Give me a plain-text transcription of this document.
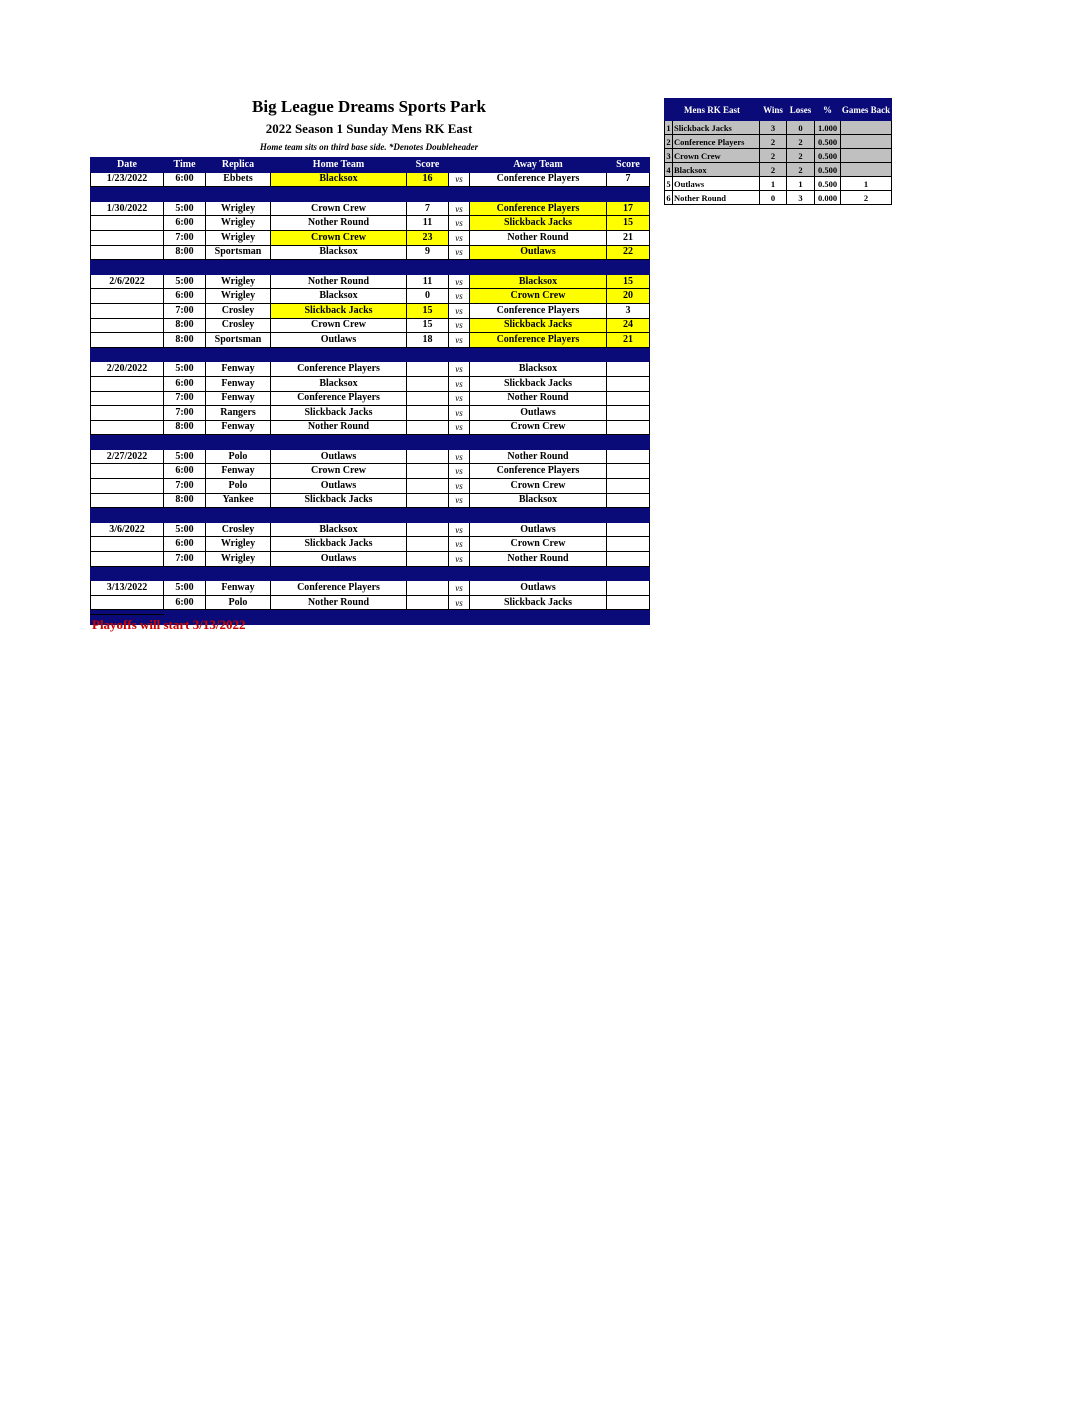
Big League Dreams Sports Park
2022 Season 1 Sunday Mens RK East
Home team sits on third base side. *Denotes Doubleheader
Date	Time	Replica	Home Team	Score		Away Team	Score
1/23/2022	6:00	Ebbets	Blacksox	16	vs	Conference Players	7

1/30/2022	5:00	Wrigley	Crown Crew	7	vs	Conference Players	17
	6:00	Wrigley	Nother Round	11	vs	Slickback Jacks	15
	7:00	Wrigley	Crown Crew	23	vs	Nother Round	21
	8:00	Sportsman	Blacksox	9	vs	Outlaws	22

2/6/2022	5:00	Wrigley	Nother Round	11	vs	Blacksox	15
	6:00	Wrigley	Blacksox	0	vs	Crown Crew	20
	7:00	Crosley	Slickback Jacks	15	vs	Conference Players	3
	8:00	Crosley	Crown Crew	15	vs	Slickback Jacks	24
	8:00	Sportsman	Outlaws	18	vs	Conference Players	21

2/20/2022	5:00	Fenway	Conference Players		vs	Blacksox	
	6:00	Fenway	Blacksox		vs	Slickback Jacks	
	7:00	Fenway	Conference Players		vs	Nother Round	
	7:00	Rangers	Slickback Jacks		vs	Outlaws	
	8:00	Fenway	Nother Round		vs	Crown Crew	

2/27/2022	5:00	Polo	Outlaws		vs	Nother Round	
	6:00	Fenway	Crown Crew		vs	Conference Players	
	7:00	Polo	Outlaws		vs	Crown Crew	
	8:00	Yankee	Slickback Jacks		vs	Blacksox	

3/6/2022	5:00	Crosley	Blacksox		vs	Outlaws	
	6:00	Wrigley	Slickback Jacks		vs	Crown Crew	
	7:00	Wrigley	Outlaws		vs	Nother Round	

3/13/2022	5:00	Fenway	Conference Players		vs	Outlaws	
	6:00	Polo	Nother Round		vs	Slickback Jacks	

Mens RK East		Wins	Loses	%	Games Back
1	Slickback Jacks	3	0	1.000	
2	Conference Players	2	2	0.500	
3	Crown Crew	2	2	0.500	
4	Blacksox	2	2	0.500	
5	Outlaws	1	1	0.500	1
6	Nother Round	0	3	0.000	2
Playoffs will start 3/13/2022
